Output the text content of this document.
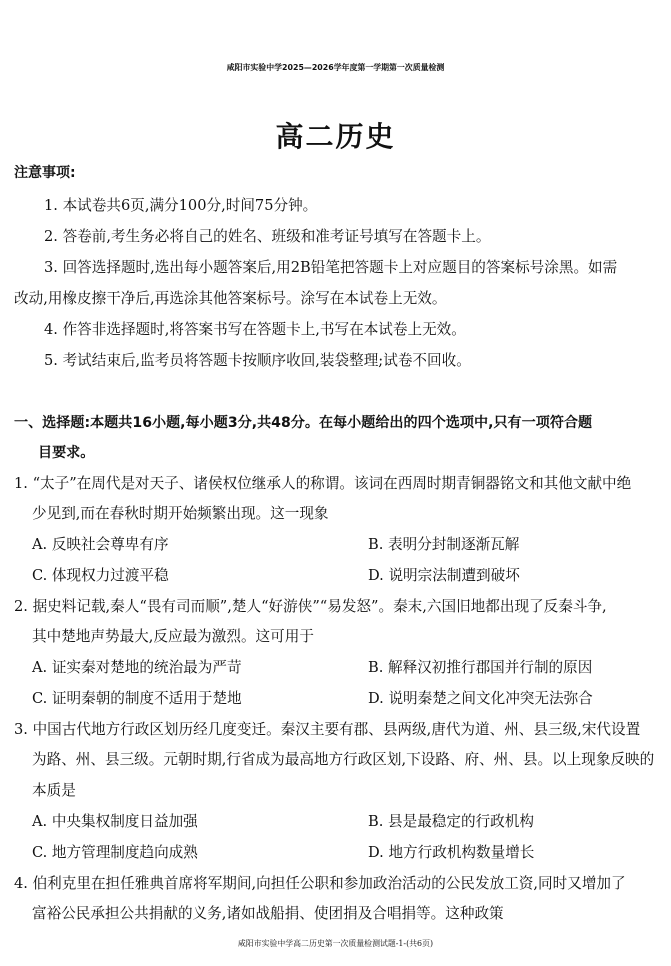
咸阳市实验中学2025—2026学年度第一学期第一次质量检测
高二历史
注意事项:
1. 本试卷共6页,满分100分,时间75分钟。
2. 答卷前,考生务必将自己的姓名、班级和准考证号填写在答题卡上。
3. 回答选择题时,选出每小题答案后,用2B铅笔把答题卡上对应题目的答案标号涂黑。如需
改动,用橡皮擦干净后,再选涂其他答案标号。涂写在本试卷上无效。
4. 作答非选择题时,将答案书写在答题卡上,书写在本试卷上无效。
5. 考试结束后,监考员将答题卡按顺序收回,装袋整理;试卷不回收。
一、选择题:本题共16小题,每小题3分,共48分。在每小题给出的四个选项中,只有一项符合题
目要求。
1. “太子”在周代是对天子、诸侯权位继承人的称谓。该词在西周时期青铜器铭文和其他文献中绝
少见到,而在春秋时期开始频繁出现。这一现象
A. 反映社会尊卑有序	B. 表明分封制逐渐瓦解
C. 体现权力过渡平稳	D. 说明宗法制遭到破坏
2. 据史料记载,秦人“畏有司而顺”,楚人“好游侠”“易发怒”。秦末,六国旧地都出现了反秦斗争,
其中楚地声势最大,反应最为激烈。这可用于
A. 证实秦对楚地的统治最为严苛	B. 解释汉初推行郡国并行制的原因
C. 证明秦朝的制度不适用于楚地	D. 说明秦楚之间文化冲突无法弥合
3. 中国古代地方行政区划历经几度变迁。秦汉主要有郡、县两级,唐代为道、州、县三级,宋代设置
为路、州、县三级。元朝时期,行省成为最高地方行政区划,下设路、府、州、县。以上现象反映的
本质是
A. 中央集权制度日益加强	B. 县是最稳定的行政机构
C. 地方管理制度趋向成熟	D. 地方行政机构数量增长
4. 伯利克里在担任雅典首席将军期间,向担任公职和参加政治活动的公民发放工资,同时又增加了
富裕公民承担公共捐献的义务,诸如战船捐、使团捐及合唱捐等。这种政策
咸阳市实验中学高二历史第一次质量检测试题-1-(共6页)
